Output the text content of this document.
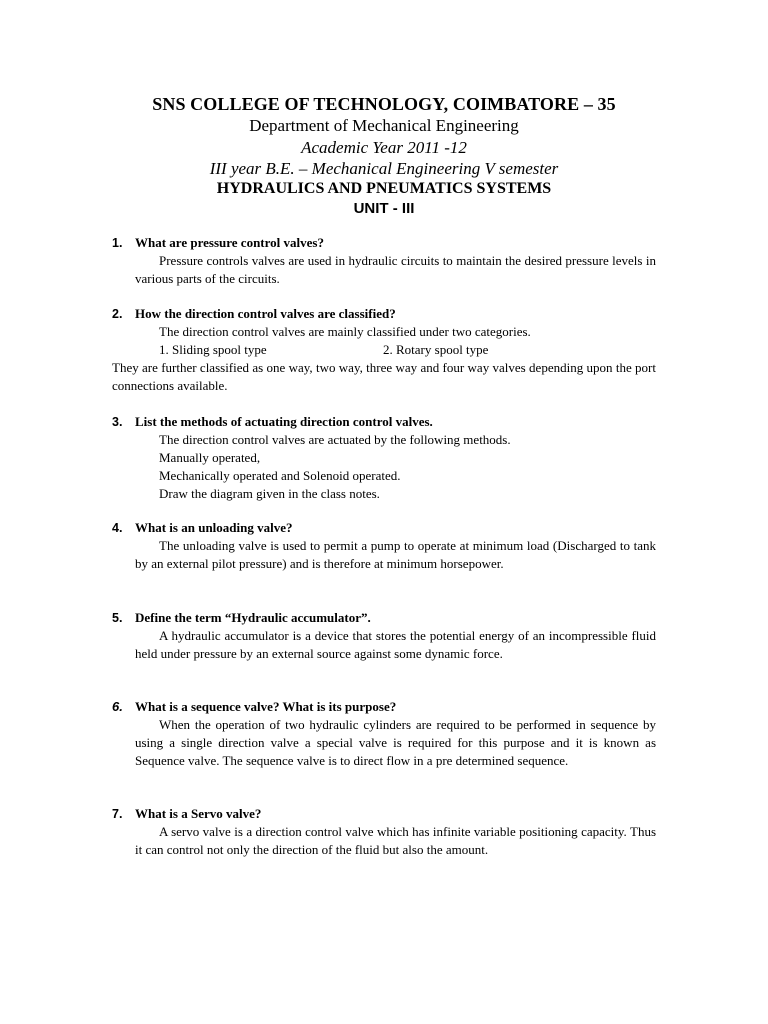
SNS COLLEGE OF TECHNOLOGY, COIMBATORE – 35
Department of Mechanical Engineering
Academic Year 2011 -12
III year B.E. – Mechanical Engineering V semester
HYDRAULICS AND PNEUMATICS SYSTEMS
UNIT - III
1. What are pressure control valves?

Pressure controls valves are used in hydraulic circuits to maintain the desired pressure levels in various parts of the circuits.

2. How the direction control valves are classified?
The direction control valves are mainly classified under two categories.
1. Sliding spool type	2. Rotary spool type
They are further classified as one way, two way, three way and four way valves depending upon the port connections available.
3. List the methods of actuating direction control valves.
The direction control valves are actuated by the following methods.
Manually operated,
Mechanically operated and Solenoid operated.
Draw the diagram given in the class notes.
4. What is an unloading valve?

The unloading valve is used to permit a pump to operate at minimum load (Discharged to tank by an external pilot pressure) and is therefore at minimum horsepower.

5. Define the term “Hydraulic accumulator”.

A hydraulic accumulator is a device that stores the potential energy of an incompressible fluid held under pressure by an external source against some dynamic force.

6. What is a sequence valve? What is its purpose?

When the operation of two hydraulic cylinders are required to be performed in sequence by using a single direction valve a special valve is required for this purpose and it is known as Sequence valve. The sequence valve is to direct flow in a pre determined sequence.

7. What is a Servo valve?

A servo valve is a direction control valve which has infinite variable positioning capacity. Thus it can control not only the direction of the fluid but also the amount.
